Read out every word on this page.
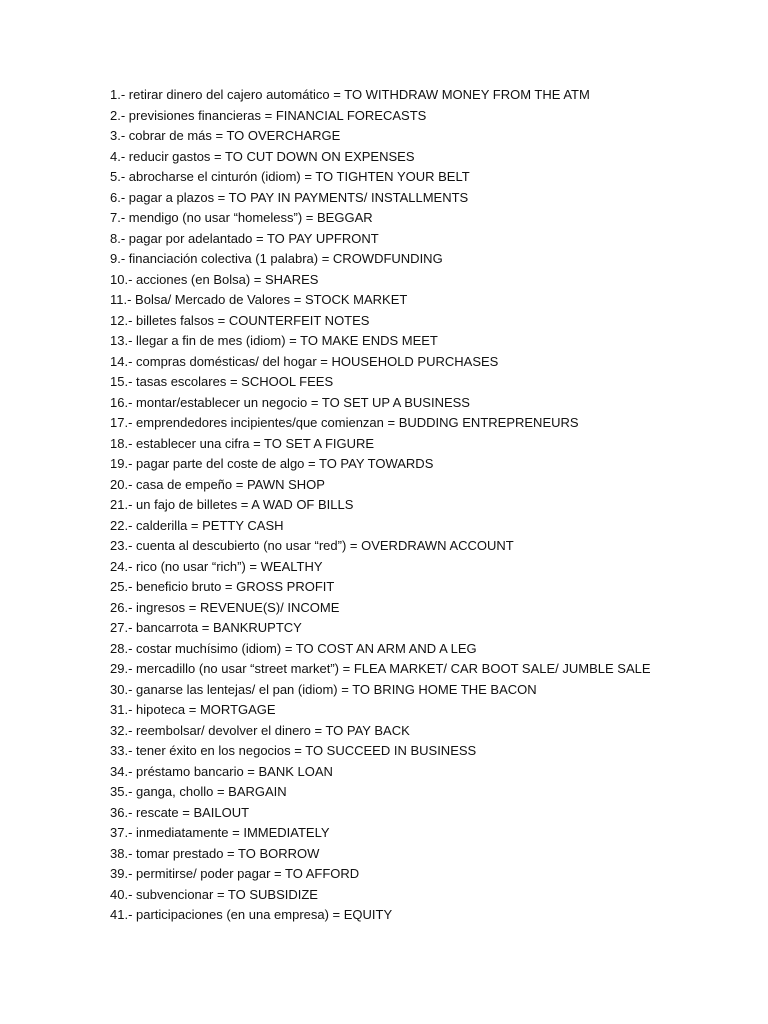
1.- retirar dinero del cajero automático = TO WITHDRAW MONEY FROM THE ATM
2.- previsiones financieras = FINANCIAL FORECASTS
3.- cobrar de más = TO OVERCHARGE
4.- reducir gastos = TO CUT DOWN ON EXPENSES
5.- abrocharse el cinturón (idiom) = TO TIGHTEN YOUR BELT
6.- pagar a plazos = TO PAY IN PAYMENTS/ INSTALLMENTS
7.- mendigo (no usar “homeless”) = BEGGAR
8.- pagar por adelantado = TO PAY UPFRONT
9.- financiación colectiva (1 palabra) = CROWDFUNDING
10.- acciones (en Bolsa) = SHARES
11.- Bolsa/ Mercado de Valores = STOCK MARKET
12.- billetes falsos = COUNTERFEIT NOTES
13.- llegar a fin de mes (idiom) = TO MAKE ENDS MEET
14.- compras domésticas/ del hogar = HOUSEHOLD PURCHASES
15.- tasas escolares = SCHOOL FEES
16.- montar/establecer un negocio = TO SET UP A BUSINESS
17.- emprendedores incipientes/que comienzan = BUDDING ENTREPRENEURS
18.- establecer una cifra = TO SET A FIGURE
19.- pagar parte del coste de algo = TO PAY TOWARDS
20.- casa de empeño = PAWN SHOP
21.- un fajo de billetes = A WAD OF BILLS
22.- calderilla = PETTY CASH
23.- cuenta al descubierto (no usar “red”) = OVERDRAWN ACCOUNT
24.- rico (no usar “rich”) = WEALTHY
25.- beneficio bruto = GROSS PROFIT
26.- ingresos = REVENUE(S)/ INCOME
27.- bancarrota = BANKRUPTCY
28.- costar muchísimo (idiom) = TO COST AN ARM AND A LEG
29.- mercadillo (no usar “street market”) = FLEA MARKET/ CAR BOOT SALE/ JUMBLE SALE
30.- ganarse las lentejas/ el pan (idiom) = TO BRING HOME THE BACON
31.- hipoteca = MORTGAGE
32.- reembolsar/ devolver el dinero = TO PAY BACK
33.- tener éxito en los negocios = TO SUCCEED IN BUSINESS
34.- préstamo bancario = BANK LOAN
35.- ganga, chollo = BARGAIN
36.- rescate = BAILOUT
37.- inmediatamente = IMMEDIATELY
38.- tomar prestado = TO BORROW
39.- permitirse/ poder pagar = TO AFFORD
40.- subvencionar = TO SUBSIDIZE
41.- participaciones (en una empresa) = EQUITY
